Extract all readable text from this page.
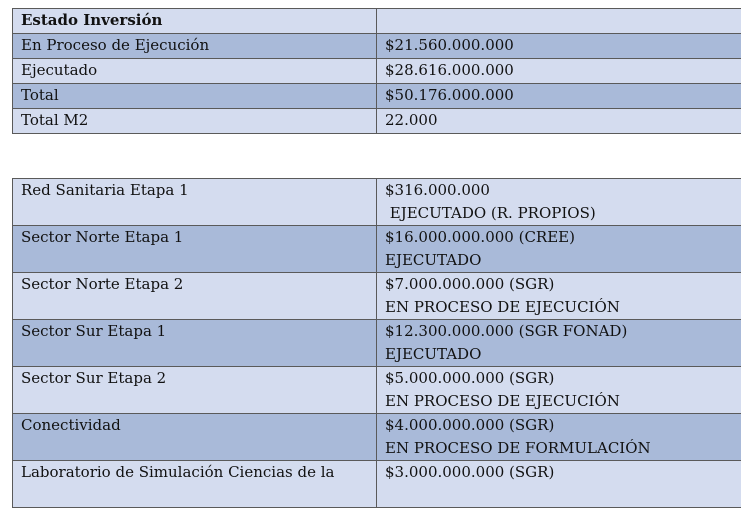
Estado Inversión	
En Proceso de Ejecución	$21.560.000.000
Ejecutado	$28.616.000.000
Total	$50.176.000.000
Total M2	22.000
Red Sanitaria Etapa 1	$316.000.000
EJECUTADO (R. PROPIOS)

Sector Norte Etapa 1	$16.000.000.000 (CREE)
EJECUTADO

Sector Norte Etapa 2	$7.000.000.000 (SGR)
EN PROCESO DE EJECUCIÓN

Sector Sur Etapa 1	$12.300.000.000 (SGR FONAD)
EJECUTADO

Sector Sur Etapa 2	$5.000.000.000 (SGR)
EN PROCESO DE EJECUCIÓN

Conectividad	$4.000.000.000 (SGR)
EN PROCESO DE FORMULACIÓN

Laboratorio de Simulación Ciencias de la	$3.000.000.000 (SGR)
